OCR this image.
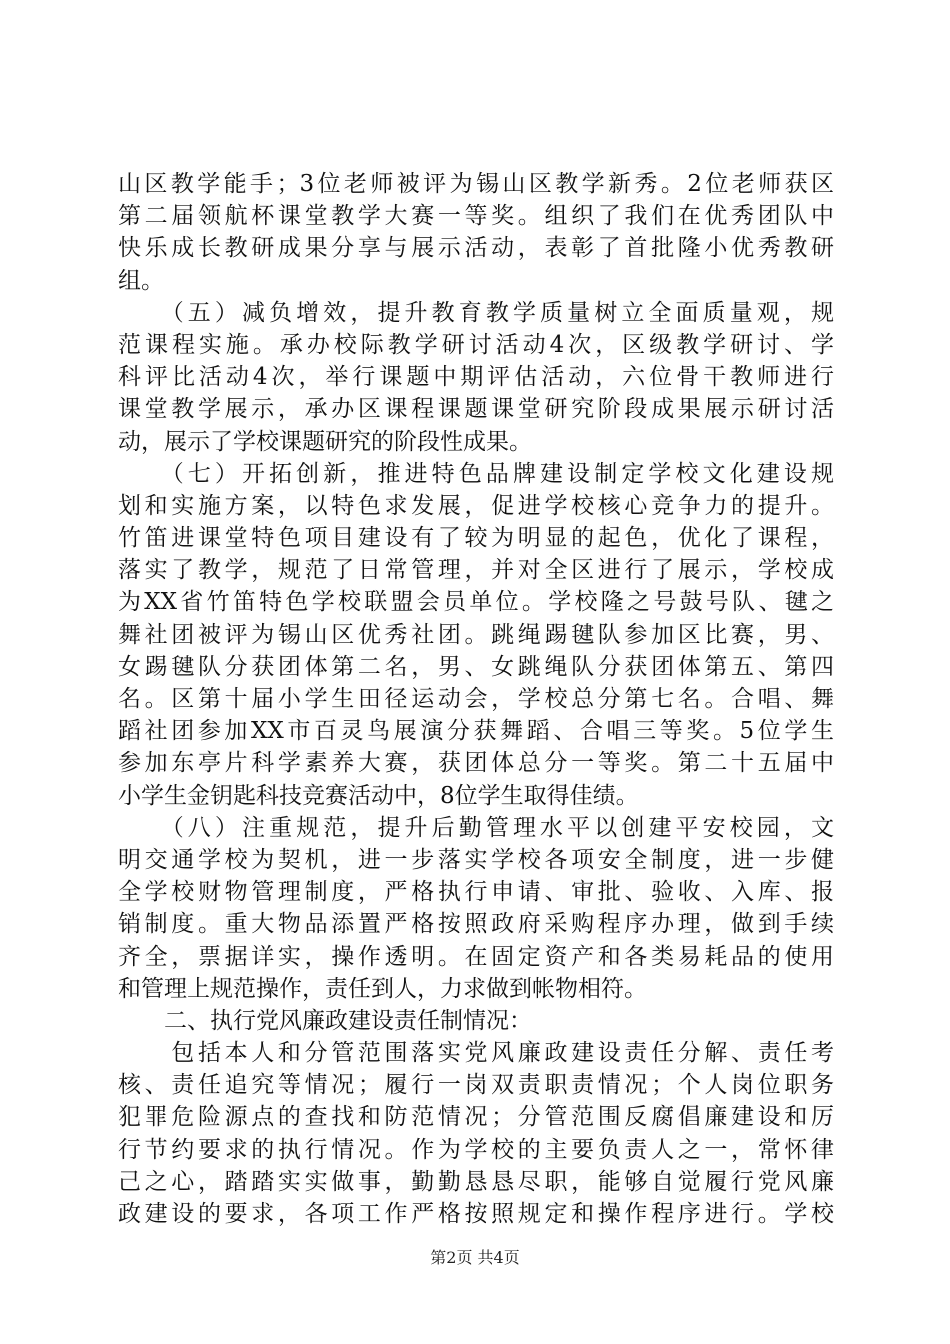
山区教学能手；3位老师被评为锡山区教学新秀。2位老师获区
第二届领航杯课堂教学大赛一等奖。组织了我们在优秀团队中
快乐成长教研成果分享与展示活动，表彰了首批隆小优秀教研
组。
　　（五）减负增效，提升教育教学质量树立全面质量观，规
范课程实施。承办校际教学研讨活动4次，区级教学研讨、学
科评比活动4次，举行课题中期评估活动，六位骨干教师进行
课堂教学展示，承办区课程课题课堂研究阶段成果展示研讨活
动，展示了学校课题研究的阶段性成果。
　　（七）开拓创新，推进特色品牌建设制定学校文化建设规
划和实施方案，以特色求发展，促进学校核心竞争力的提升。
竹笛进课堂特色项目建设有了较为明显的起色，优化了课程，
落实了教学，规范了日常管理，并对全区进行了展示，学校成
为XX省竹笛特色学校联盟会员单位。学校隆之号鼓号队、毽之
舞社团被评为锡山区优秀社团。跳绳踢毽队参加区比赛，男、
女踢毽队分获团体第二名，男、女跳绳队分获团体第五、第四
名。区第十届小学生田径运动会，学校总分第七名。合唱、舞
蹈社团参加XX市百灵鸟展演分获舞蹈、合唱三等奖。5位学生
参加东亭片科学素养大赛，获团体总分一等奖。第二十五届中
小学生金钥匙科技竞赛活动中，8位学生取得佳绩。
　　（八）注重规范，提升后勤管理水平以创建平安校园，文
明交通学校为契机，进一步落实学校各项安全制度，进一步健
全学校财物管理制度，严格执行申请、审批、验收、入库、报
销制度。重大物品添置严格按照政府采购程序办理，做到手续
齐全，票据详实，操作透明。在固定资产和各类易耗品的使用
和管理上规范操作，责任到人，力求做到帐物相符。
　　二、执行党风廉政建设责任制情况：
　　包括本人和分管范围落实党风廉政建设责任分解、责任考
核、责任追究等情况；履行一岗双责职责情况；个人岗位职务
犯罪危险源点的查找和防范情况；分管范围反腐倡廉建设和厉
行节约要求的执行情况。作为学校的主要负责人之一，常怀律
己之心，踏踏实实做事，勤勤恳恳尽职，能够自觉履行党风廉
政建设的要求，各项工作严格按照规定和操作程序进行。学校
第2页 共4页
